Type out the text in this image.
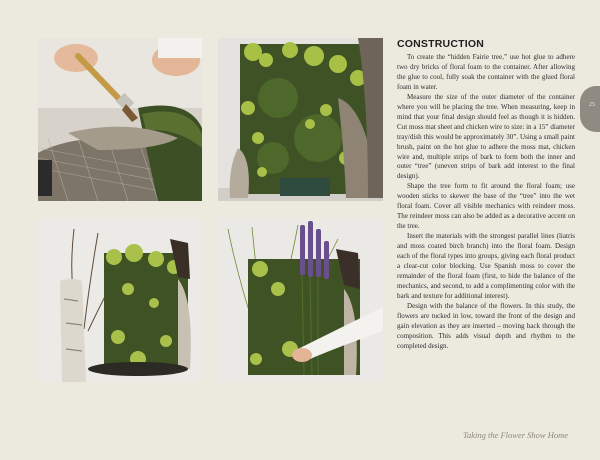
25
CONSTRUCTION

To create the “hidden Fairie tree,” use hot glue to adhere two dry bricks of floral foam to the container. After allowing the glue to cool, fully soak the container with the glued floral foam in water.

Measure the size of the outer diameter of the container where you will be placing the tree. When measuring, keep in mind that your final design should feel as though it is hidden. Cut moss mat sheet and chicken wire to size: in a 15” diameter tray/dish this would be approximately 30”. Using a small paint brush, paint on the hot glue to adhere the moss mat, chicken wire and, multiple strips of bark to form both the inner and outer “tree” (uneven strips of bark add interest to the final design).

Shape the tree form to fit around the floral foam; use wooden sticks to skewer the base of the “tree” into the wet floral foam. Cover all visible mechanics with reindeer moss. The reindeer moss can also be added as a decorative accent on the tree.

Insert the materials with the strongest parallel lines (liatris and moss coated birch branch) into the floral foam. Design each of the floral types into groups, giving each floral product a clear-cut color blocking. Use Spanish moss to cover the remainder of the floral foam (first, to hide the balance of the mechanics, and second, to add a complimenting color with the bark and texture for additional interest).

Design with the balance of the flowers. In this study, the flowers are tucked in low, toward the front of the design and gain elevation as they are inserted – moving back through the composition. This adds visual depth and rhythm to the completed design.

Taking the Flower Show Home
